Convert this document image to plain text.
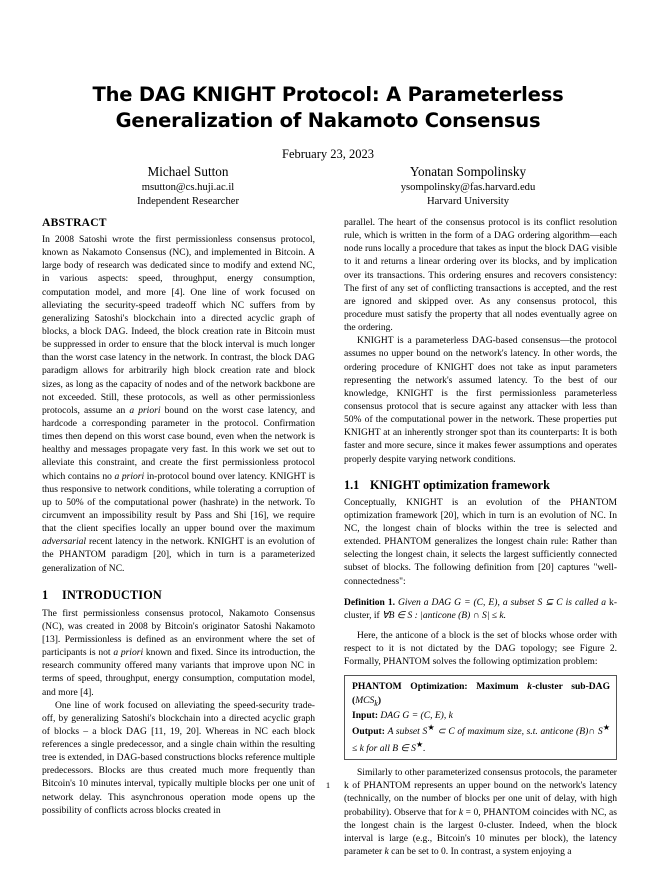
The DAG KNIGHT Protocol: A Parameterless Generalization of Nakamoto Consensus
February 23, 2023
Michael Sutton
msutton@cs.huji.ac.il
Independent Researcher
Yonatan Sompolinsky
ysompolinsky@fas.harvard.edu
Harvard University
ABSTRACT

In 2008 Satoshi wrote the first permissionless consensus protocol, known as Nakamoto Consensus (NC), and implemented in Bitcoin. A large body of research was dedicated since to modify and extend NC, in various aspects: speed, throughput, energy consumption, computation model, and more [4]. One line of work focused on alleviating the security-speed tradeoff which NC suffers from by generalizing Satoshi's blockchain into a directed acyclic graph of blocks, a block DAG. Indeed, the block creation rate in Bitcoin must be suppressed in order to ensure that the block interval is much longer than the worst case latency in the network. In contrast, the block DAG paradigm allows for arbitrarily high block creation rate and block sizes, as long as the capacity of nodes and of the network backbone are not exceeded. Still, these protocols, as well as other permissionless protocols, assume an a priori bound on the worst case latency, and hardcode a corresponding parameter in the protocol. Confirmation times then depend on this worst case bound, even when the network is healthy and messages propagate very fast. In this work we set out to alleviate this constraint, and create the first permissionless protocol which contains no a priori in-protocol bound over latency. KNIGHT is thus responsive to network conditions, while tolerating a corruption of up to 50% of the computational power (hashrate) in the network. To circumvent an impossibility result by Pass and Shi [16], we require that the client specifies locally an upper bound over the maximum adversarial recent latency in the network. KNIGHT is an evolution of the PHANTOM paradigm [20], which in turn is a parameterized generalization of NC.

1 INTRODUCTION

The first permissionless consensus protocol, Nakamoto Consensus (NC), was created in 2008 by Bitcoin's originator Satoshi Nakamoto [13]. Permissionless is defined as an environment where the set of participants is not a priori known and fixed. Since its introduction, the research community offered many variants that improve upon NC in terms of speed, throughput, energy consumption, computation model, and more [4].

One line of work focused on alleviating the speed-security trade-off, by generalizing Satoshi's blockchain into a directed acyclic graph of blocks – a block DAG [11, 19, 20]. Whereas in NC each block references a single predecessor, and a single chain within the resulting tree is extended, in DAG-based constructions blocks reference multiple predecessors. Blocks are thus created much more frequently than Bitcoin's 10 minutes interval, typically multiple blocks per one unit of network delay. This asynchronous operation mode opens up the possibility of conflicts across blocks created in

parallel. The heart of the consensus protocol is its conflict resolution rule, which is written in the form of a DAG ordering algorithm—each node runs locally a procedure that takes as input the block DAG visible to it and returns a linear ordering over its blocks, and by implication over its transactions. This ordering ensures and recovers consistency: The first of any set of conflicting transactions is accepted, and the rest are ignored and skipped over. As any consensus protocol, this procedure must satisfy the property that all nodes eventually agree on the ordering.

KNIGHT is a parameterless DAG-based consensus—the protocol assumes no upper bound on the network's latency. In other words, the ordering procedure of KNIGHT does not take as input parameters representing the network's assumed latency. To the best of our knowledge, KNIGHT is the first permissionless parameterless consensus protocol that is secure against any attacker with less than 50% of the computational power in the network. These properties put KNIGHT at an inherently stronger spot than its counterparts: It is both faster and more secure, since it makes fewer assumptions and operates properly despite varying network conditions.

1.1 KNIGHT optimization framework

Conceptually, KNIGHT is an evolution of the PHANTOM optimization framework [20], which in turn is an evolution of NC. In NC, the longest chain of blocks within the tree is selected and extended. PHANTOM generalizes the longest chain rule: Rather than selecting the longest chain, it selects the largest sufficiently connected subset of blocks. The following definition from [20] captures "well-connectedness":

Definition 1. Given a DAG G = (C, E), a subset S ⊆ C is called a k-cluster, if ∀B ∈ S : |anticone (B) ∩ S| ≤ k.

Here, the anticone of a block is the set of blocks whose order with respect to it is not dictated by the DAG topology; see Figure 2. Formally, PHANTOM solves the following optimization problem:

PHANTOM Optimization: Maximum k-cluster sub-DAG $(MCS_k)$

Input: DAG G = (C, E), k

Output: A subset S★ ⊂ C of maximum size, s.t. anticone (B)∩ S★ ≤ k for all B ∈ S★.

Similarly to other parameterized consensus protocols, the parameter k of PHANTOM represents an upper bound on the network's latency (technically, on the number of blocks per one unit of delay, with high probability). Observe that for k = 0, PHANTOM coincides with NC, as the longest chain is the largest 0-cluster. Indeed, when the block interval is large (e.g., Bitcoin's 10 minutes per block), the latency parameter k can be set to 0. In contrast, a system enjoying a

1
